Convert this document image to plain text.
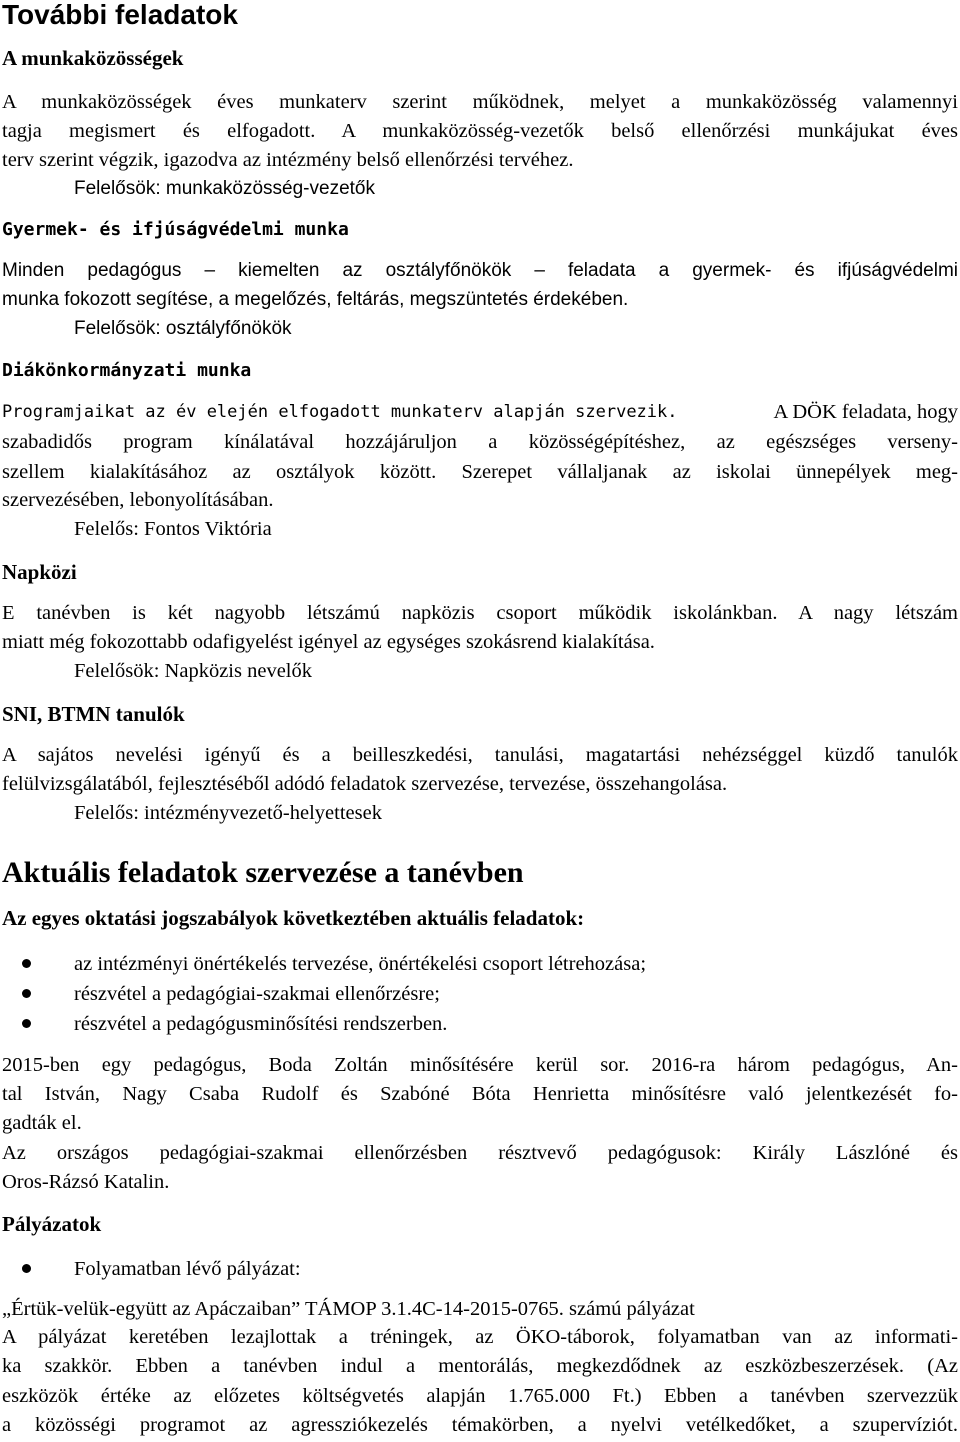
További feladatok
A munkaközösségek

A munkaközösségek éves munkaterv szerint működnek, melyet a munkaközösség valamennyi

tagja megismert és elfogadott. A munkaközösség-vezetők belső ellenőrzési munkájukat éves

terv szerint végzik, igazodva az intézmény belső ellenőrzési tervéhez.

Felelősök: munkaközösség-vezetők

Gyermek- és ifjúságvédelmi munka

Minden pedagógus – kiemelten az osztályfőnökök – feladata a gyermek- és ifjúságvédelmi

munka fokozott segítése, a megelőzés, feltárás, megszüntetés érdekében.

Felelősök: osztályfőnökök

Diákönkormányzati munka

Programjaikat az év elején elfogadott munkaterv alapján szervezik.	A DÖK feladata, hogy

szabadidős program kínálatával hozzájáruljon a közösségépítéshez, az egészséges verseny-

szellem kialakításához az osztályok között. Szerepet vállaljanak az iskolai ünnepélyek meg-

szervezésében, lebonyolításában.

Felelős: Fontos Viktória

Napközi

E tanévben is két nagyobb létszámú napközis csoport működik iskolánkban. A nagy létszám

miatt még fokozottabb odafigyelést igényel az egységes szokásrend kialakítása.

Felelősök: Napközis nevelők

SNI, BTMN tanulók

A sajátos nevelési igényű és a beilleszkedési, tanulási, magatartási nehézséggel küzdő tanulók

felülvizsgálatából, fejlesztéséből adódó feladatok szervezése, tervezése, összehangolása.

Felelős: intézményvezető-helyettesek

Aktuális feladatok szervezése a tanévben
Az egyes oktatási jogszabályok következtében aktuális feladatok:

az intézményi önértékelés tervezése, önértékelési csoport létrehozása;

részvétel a pedagógiai-szakmai ellenőrzésre;

részvétel a pedagógusminősítési rendszerben.

2015-ben egy pedagógus, Boda Zoltán minősítésére kerül sor. 2016-ra három pedagógus, An-

tal István, Nagy Csaba Rudolf és Szabóné Bóta Henrietta minősítésre való jelentkezését fo-

gadták el.

Az országos pedagógiai-szakmai ellenőrzésben résztvevő pedagógusok: Király Lászlóné és

Oros-Rázsó Katalin.

Pályázatok

Folyamatban lévő pályázat:

„Értük-velük-együtt az Apáczaiban” TÁMOP 3.1.4C-14-2015-0765. számú pályázat

A pályázat keretében lezajlottak a tréningek, az ÖKO-táborok, folyamatban van az informati-

ka szakkör. Ebben a tanévben indul a mentorálás, megkezdődnek az eszközbeszerzések. (Az

eszközök értéke az előzetes költségvetés alapján 1.765.000 Ft.) Ebben a tanévben szervezzük

a közösségi programot az agressziókezelés témakörben, a nyelvi vetélkedőket, a szupervíziót.
